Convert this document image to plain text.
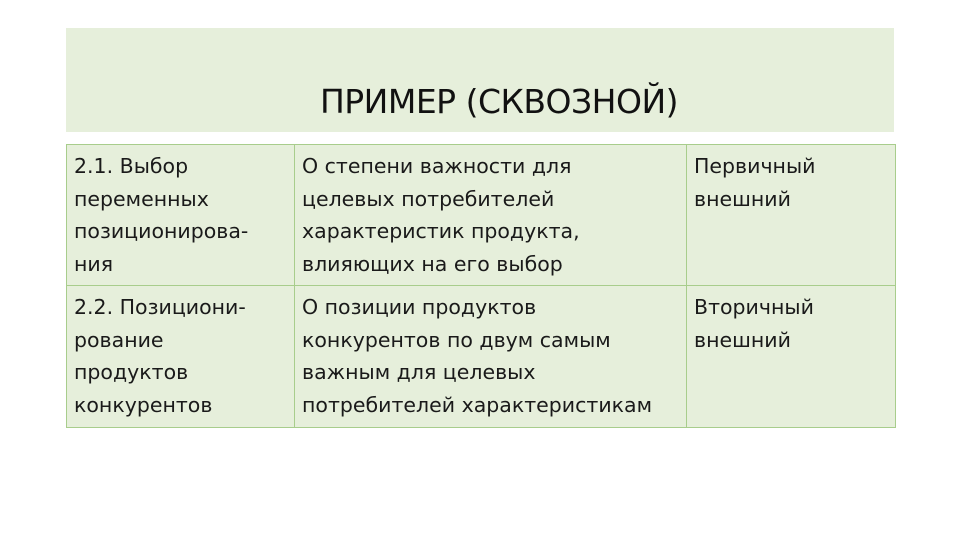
ПРИМЕР (СКВОЗНОЙ)
2.1. Выбор
переменных
позиционирова-
ния	О степени важности для
целевых потребителей
характеристик продукта,
влияющих на его выбор	Первичный
внешний
2.2. Позициони-
рование
продуктов
конкурентов	О позиции продуктов
конкурентов по двум самым
важным для целевых
потребителей характеристикам	Вторичный
внешний
